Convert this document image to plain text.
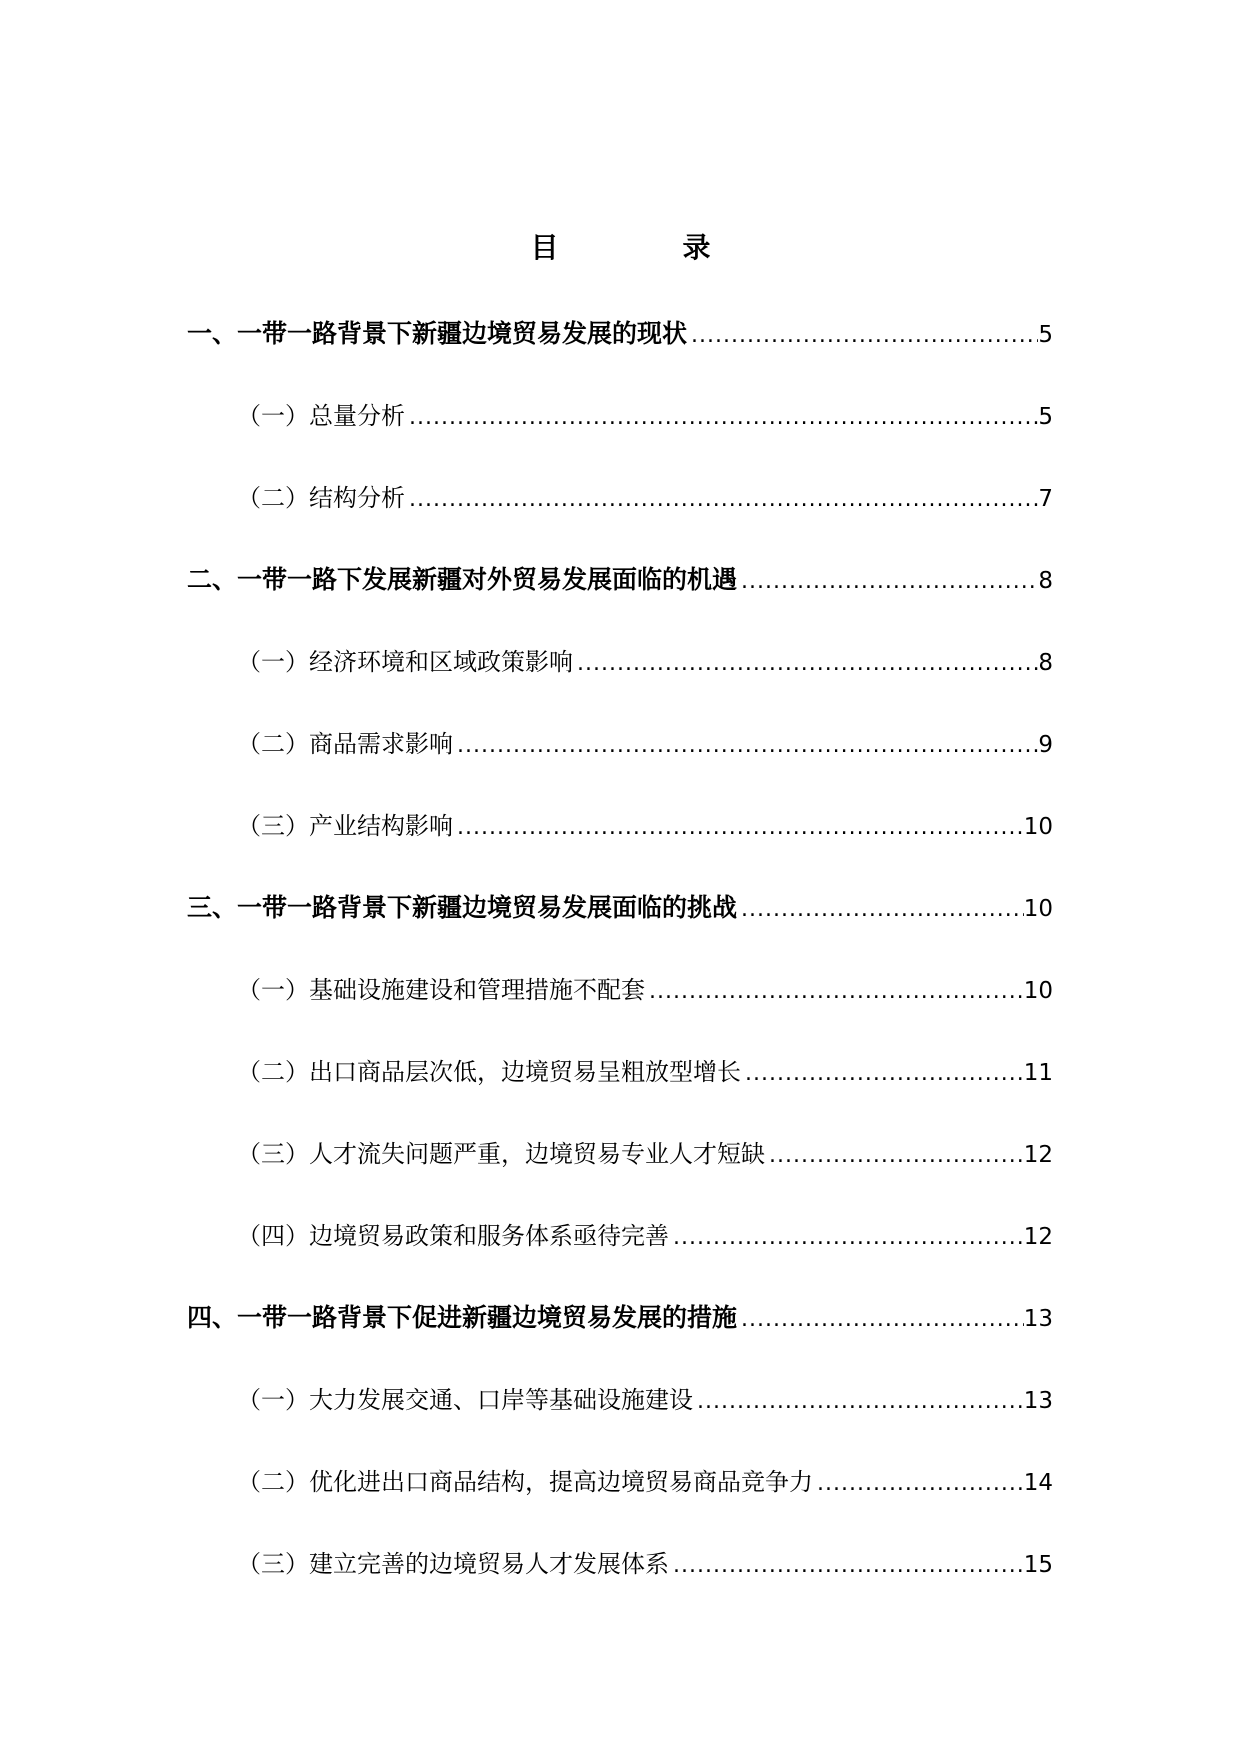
目　录
一、一带一路背景下新疆边境贸易发展的现状 .....	5
（一）总量分析 .....	5
（二）结构分析 .....	7
二、一带一路下发展新疆对外贸易发展面临的机遇 .....	8
（一）经济环境和区域政策影响 .....	8
（二）商品需求影响 .....	9
（三）产业结构影响 .....	10
三、一带一路背景下新疆边境贸易发展面临的挑战 .....	10
（一）基础设施建设和管理措施不配套 .....	10
（二）出口商品层次低，边境贸易呈粗放型增长 .....	11
（三）人才流失问题严重，边境贸易专业人才短缺 .....	12
（四）边境贸易政策和服务体系亟待完善 .....	12
四、一带一路背景下促进新疆边境贸易发展的措施 .....	13
（一）大力发展交通、口岸等基础设施建设 .....	13
（二）优化进出口商品结构，提高边境贸易商品竞争力 .....	14
（三）建立完善的边境贸易人才发展体系 .....	15
